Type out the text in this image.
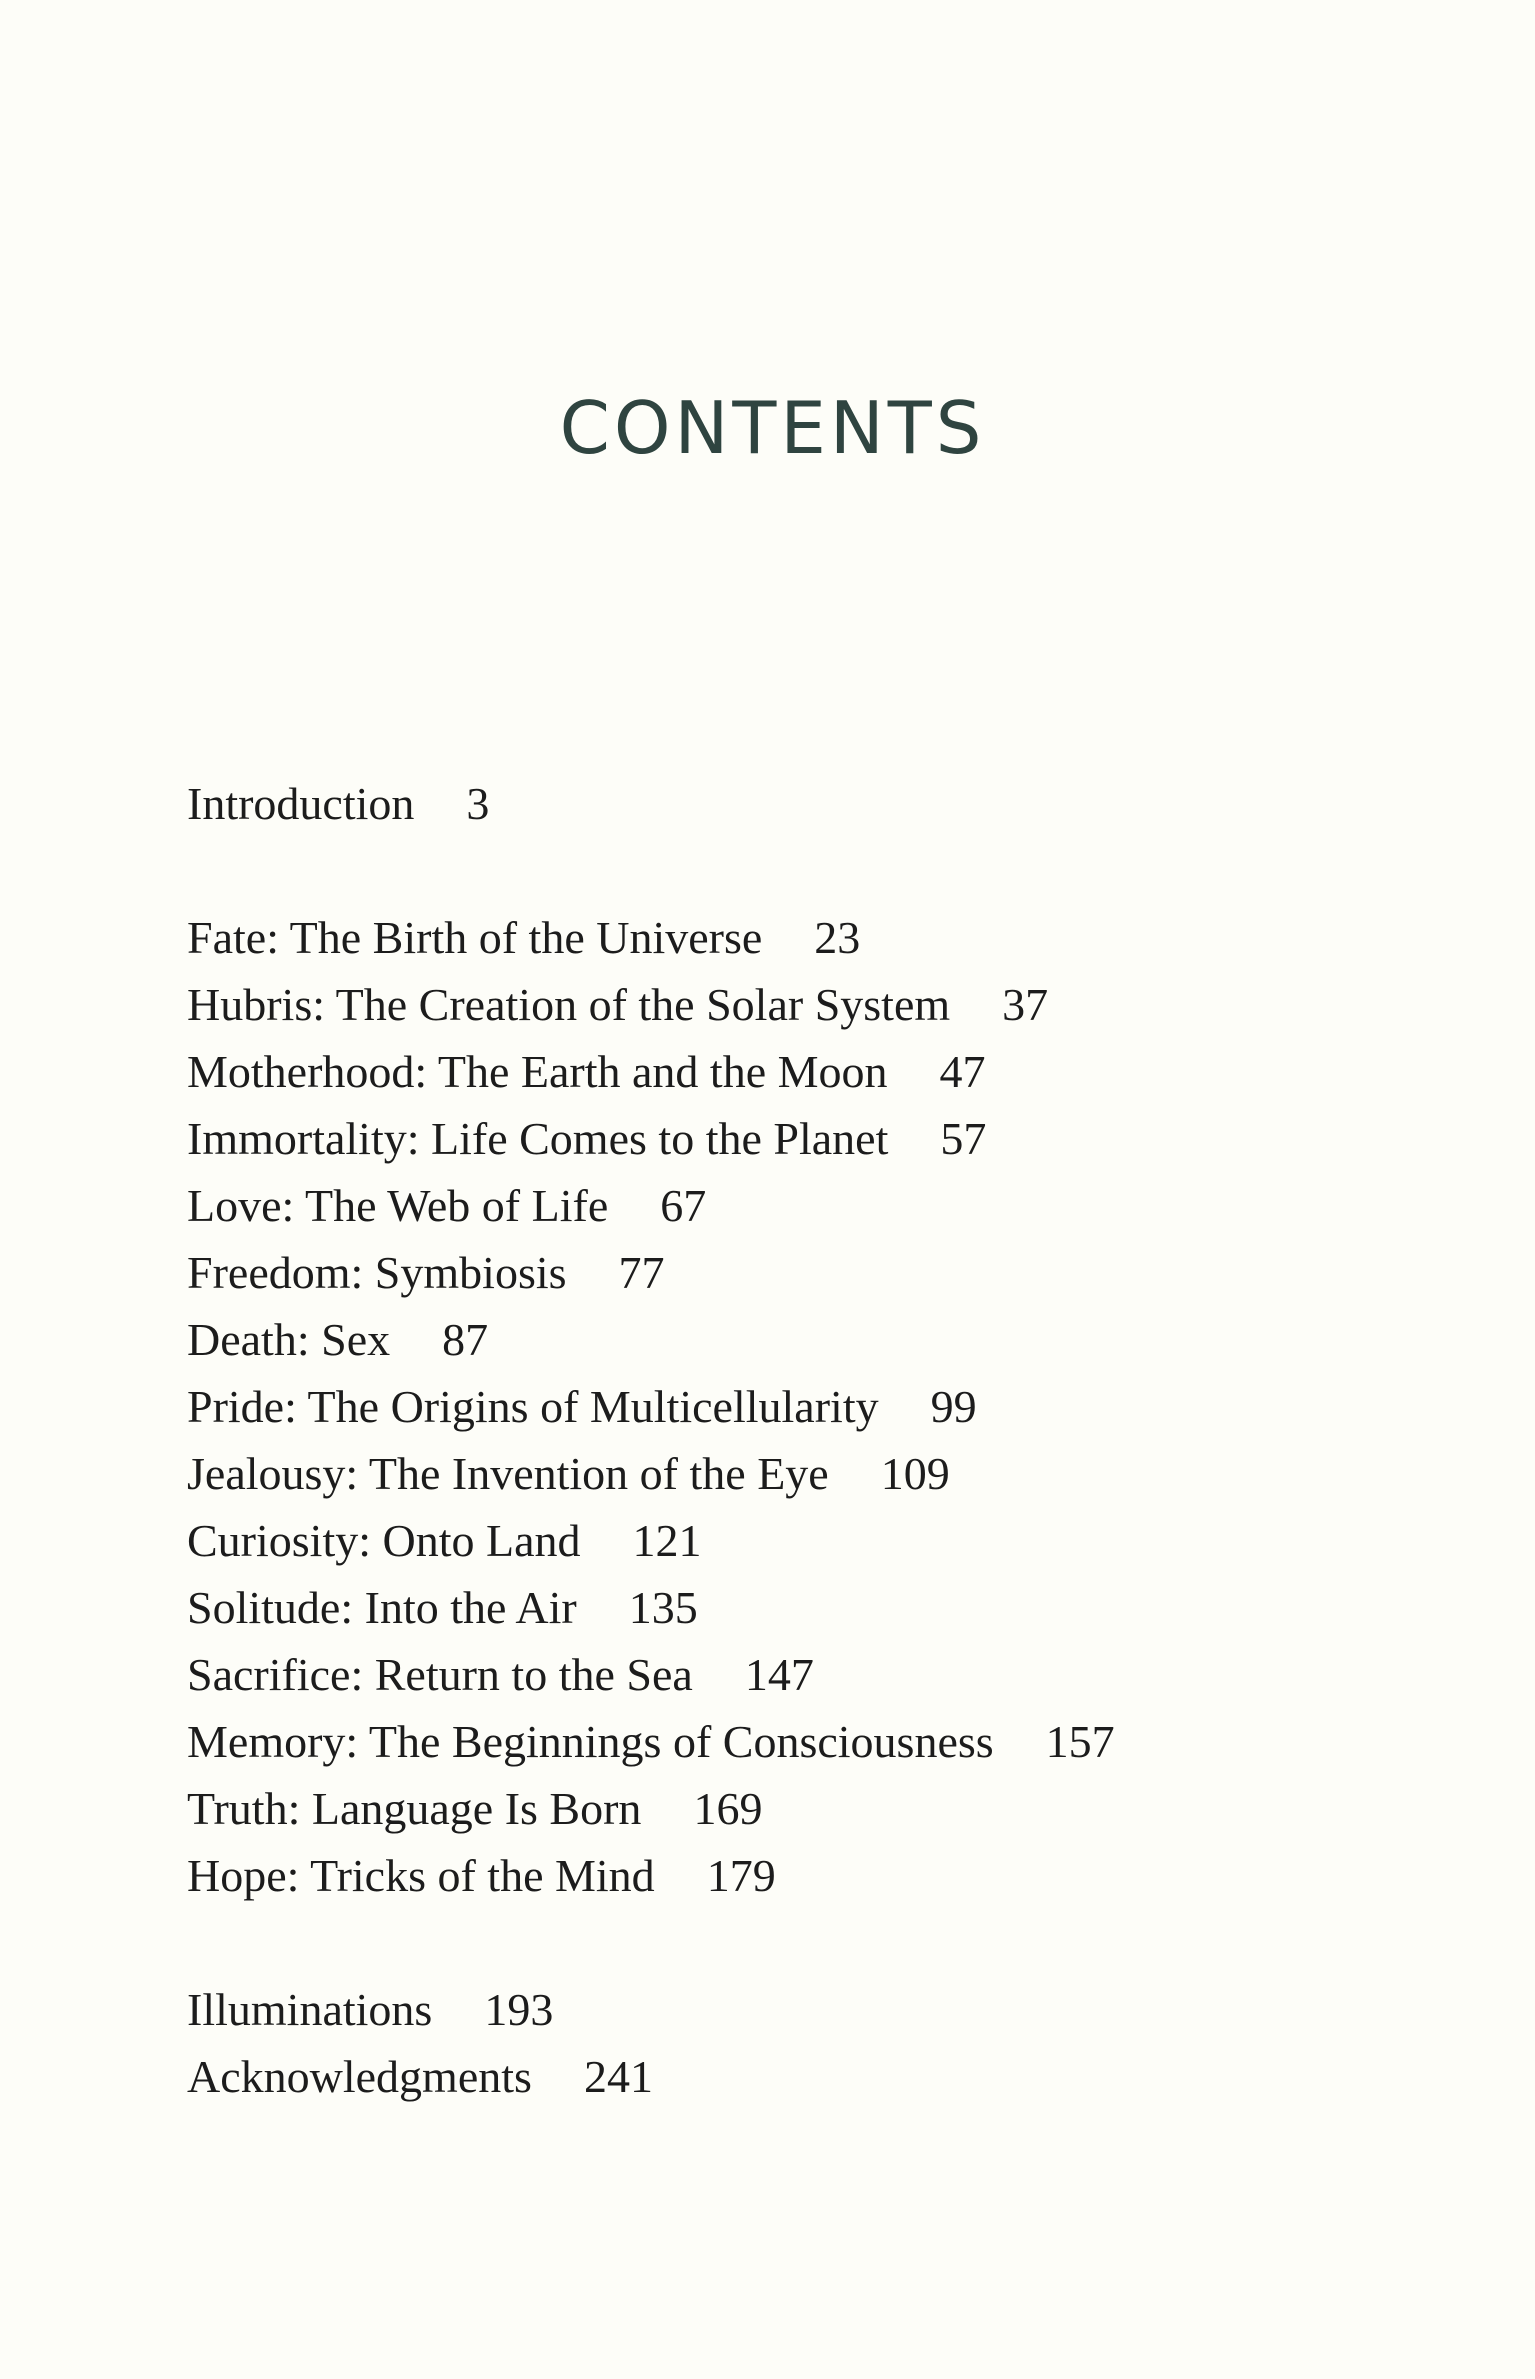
CONTENTS
Introduction 3
Fate: The Birth of the Universe 23
Hubris: The Creation of the Solar System 37
Motherhood: The Earth and the Moon 47
Immortality: Life Comes to the Planet 57
Love: The Web of Life 67
Freedom: Symbiosis 77
Death: Sex 87
Pride: The Origins of Multicellularity 99
Jealousy: The Invention of the Eye 109
Curiosity: Onto Land 121
Solitude: Into the Air 135
Sacrifice: Return to the Sea 147
Memory: The Beginnings of Consciousness 157
Truth: Language Is Born 169
Hope: Tricks of the Mind 179
Illuminations 193
Acknowledgments 241
